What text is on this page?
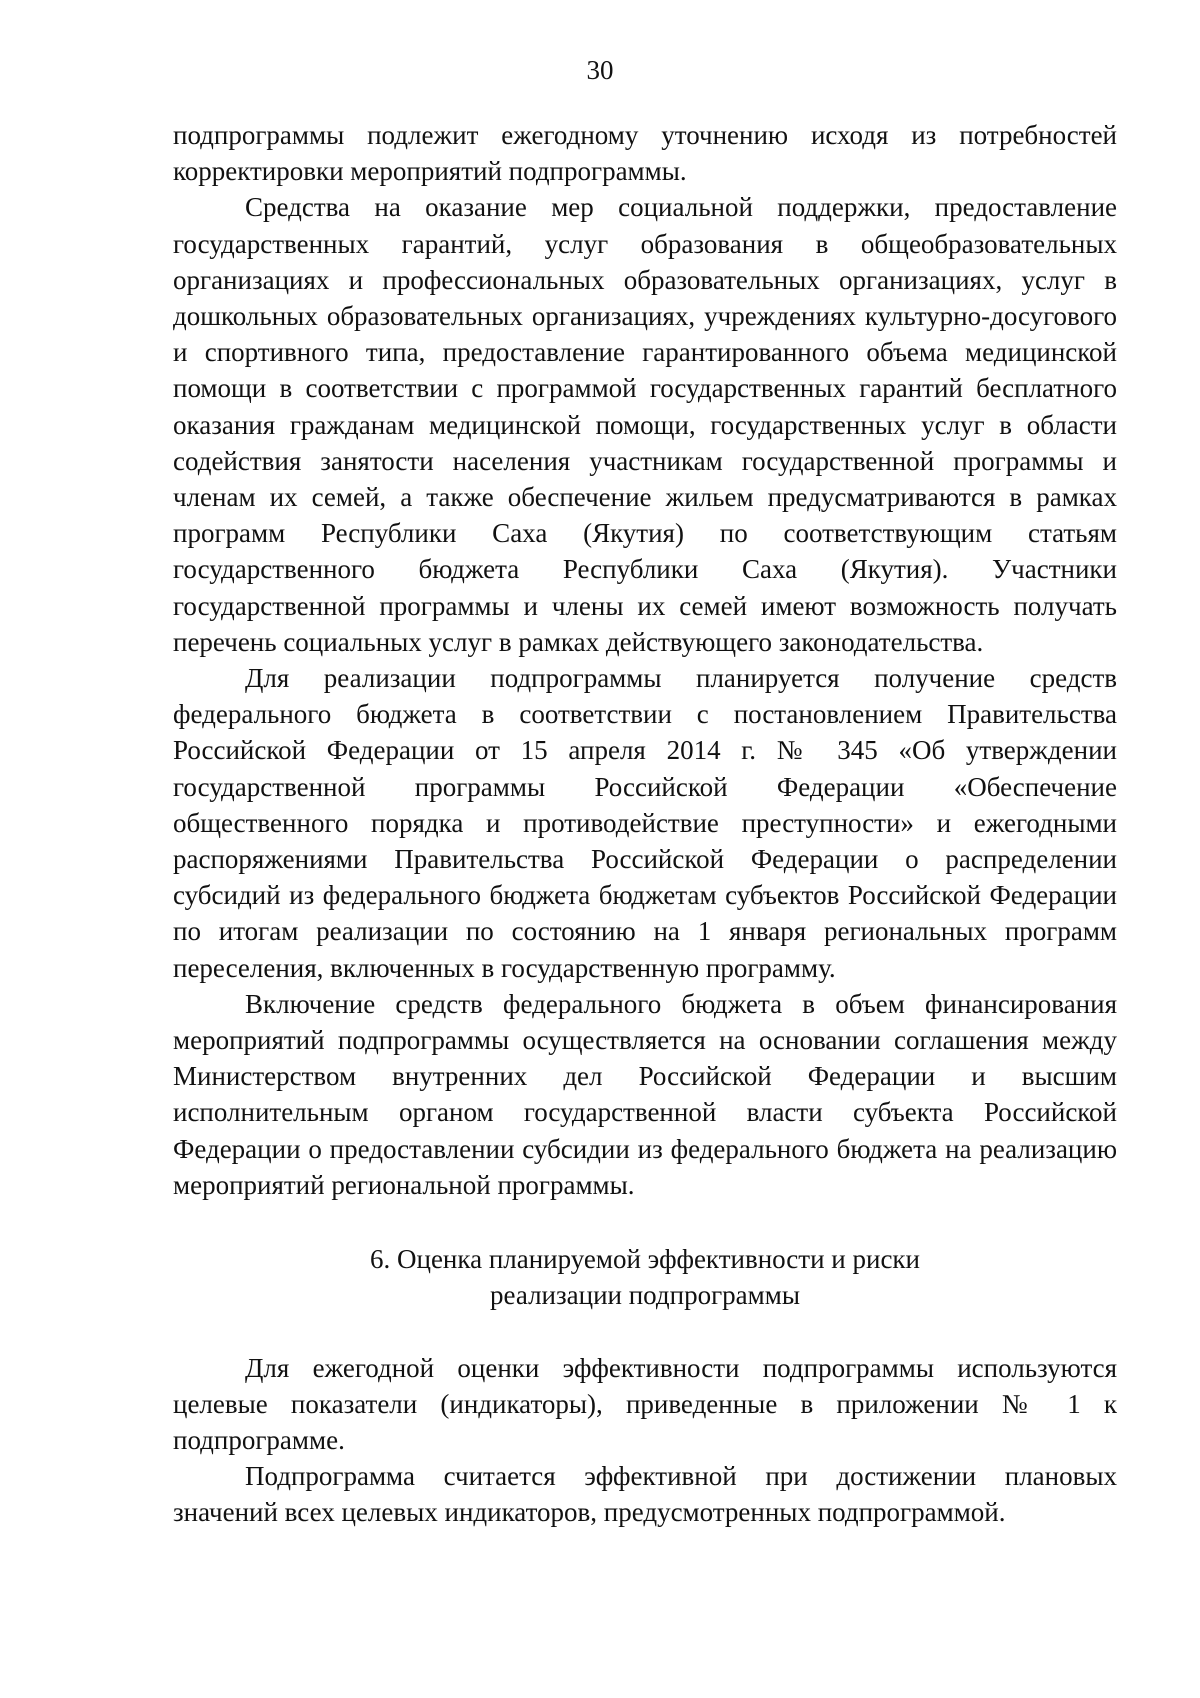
30

подпрограммы подлежит ежегодному уточнению исходя из потребностей корректировки мероприятий подпрограммы.

Средства на оказание мер социальной поддержки, предоставление государственных гарантий, услуг образования в общеобразовательных организациях и профессиональных образовательных организациях, услуг в дошкольных образовательных организациях, учреждениях культурно-досугового и спортивного типа, предоставление гарантированного объема медицинской помощи в соответствии с программой государственных гарантий бесплатного оказания гражданам медицинской помощи, государственных услуг в области содействия занятости населения участникам государственной программы и членам их семей, а также обеспечение жильем предусматриваются в рамках программ Республики Саха (Якутия) по соответствующим статьям государственного бюджета Республики Саха (Якутия). Участники государственной программы и члены их семей имеют возможность получать перечень социальных услуг в рамках действующего законодательства.

Для реализации подпрограммы планируется получение средств федерального бюджета в соответствии с постановлением Правительства Российской Федерации от 15 апреля 2014 г. № 345 «Об утверждении государственной программы Российской Федерации «Обеспечение общественного порядка и противодействие преступности» и ежегодными распоряжениями Правительства Российской Федерации о распределении субсидий из федерального бюджета бюджетам субъектов Российской Федерации по итогам реализации по состоянию на 1 января региональных программ переселения, включенных в государственную программу.

Включение средств федерального бюджета в объем финансирования мероприятий подпрограммы осуществляется на основании соглашения между Министерством внутренних дел Российской Федерации и высшим исполнительным органом государственной власти субъекта Российской Федерации о предоставлении субсидии из федерального бюджета на реализацию мероприятий региональной программы.

6. Оценка планируемой эффективности и риски
реализации подпрограммы

Для ежегодной оценки эффективности подпрограммы используются целевые показатели (индикаторы), приведенные в приложении № 1 к подпрограмме.

Подпрограмма считается эффективной при достижении плановых значений всех целевых индикаторов, предусмотренных подпрограммой.
